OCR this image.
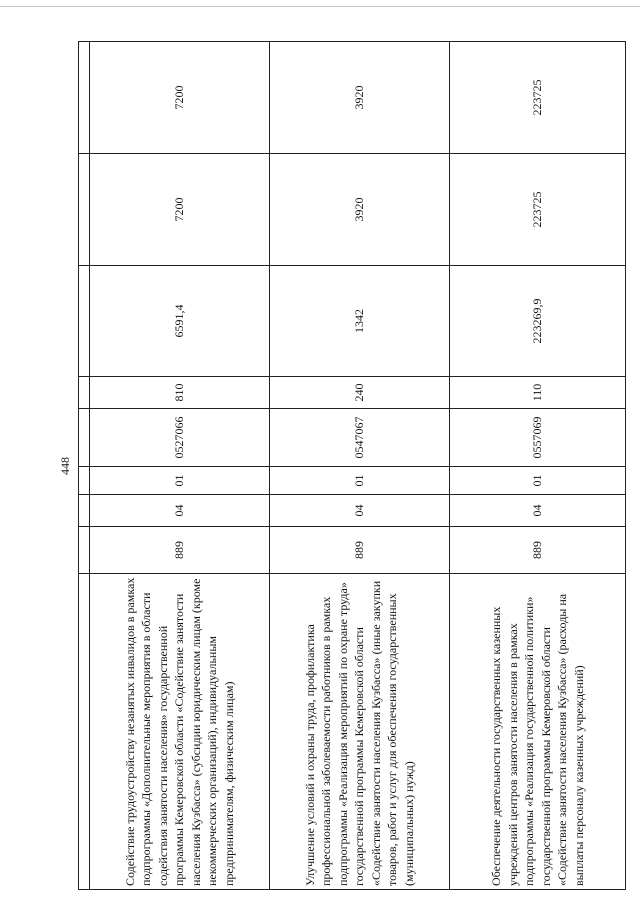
448

Содействие трудоустройству незанятых инвалидов в рамках подпрограммы «Дополнительные мероприятия в области содействия занятости населения» государственной программы Кемеровской области «Содействие занятости населения Кузбасса» (субсидии юридическим лицам (кроме некоммерческих организаций), индивидуальным предпринимателям, физическим лицам)	889	04	01	0527066	810	6591,4	7200	7200
Улучшение условий и охраны труда, профилактика профессиональной заболеваемости работников в рамках подпрограммы «Реализация мероприятий по охране труда» государственной программы Кемеровской области «Содействие занятости населения Кузбасса» (иные закупки товаров, работ и услуг для обеспечения государственных (муниципальных) нужд)	889	04	01	0547067	240	1342	3920	3920
Обеспечение деятельности государственных казенных учреждений центров занятости населения в рамках подпрограммы «Реализация государственной политики» государственной программы Кемеровской области «Содействие занятости населения Кузбасса» (расходы на выплаты персоналу казенных учреждений)	889	04	01	0557069	110	223269,9	223725	223725
